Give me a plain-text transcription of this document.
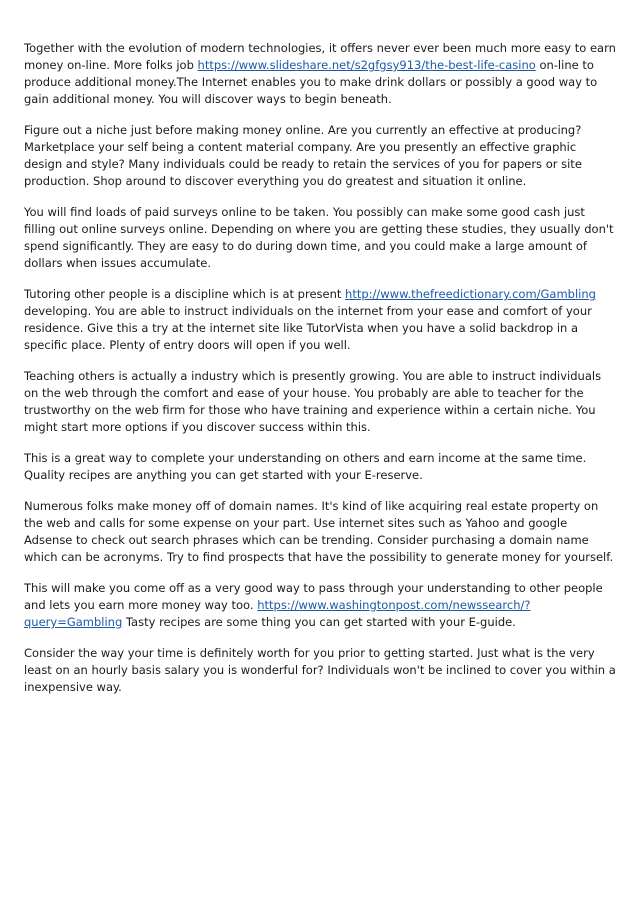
Together with the evolution of modern technologies, it offers never ever been much more easy to earn money on-line. More folks job https://www.slideshare.net/s2gfgsy913/the-best-life-casino on-line to produce additional money.The Internet enables you to make drink dollars or possibly a good way to gain additional money. You will discover ways to begin beneath.

Figure out a niche just before making money online. Are you currently an effective at producing? Marketplace your self being a content material company. Are you presently an effective graphic design and style? Many individuals could be ready to retain the services of you for papers or site production. Shop around to discover everything you do greatest and situation it online.

You will find loads of paid surveys online to be taken. You possibly can make some good cash just filling out online surveys online. Depending on where you are getting these studies, they usually don't spend significantly. They are easy to do during down time, and you could make a large amount of dollars when issues accumulate.

Tutoring other people is a discipline which is at present http://www.thefreedictionary.com/Gambling developing. You are able to instruct individuals on the internet from your ease and comfort of your residence. Give this a try at the internet site like TutorVista when you have a solid backdrop in a specific place. Plenty of entry doors will open if you well.

Teaching others is actually a industry which is presently growing. You are able to instruct individuals on the web through the comfort and ease of your house. You probably are able to teacher for the trustworthy on the web firm for those who have training and experience within a certain niche. You might start more options if you discover success within this.

This is a great way to complete your understanding on others and earn income at the same time. Quality recipes are anything you can get started with your E-reserve.

Numerous folks make money off of domain names. It's kind of like acquiring real estate property on the web and calls for some expense on your part. Use internet sites such as Yahoo and google Adsense to check out search phrases which can be trending. Consider purchasing a domain name which can be acronyms. Try to find prospects that have the possibility to generate money for yourself.

This will make you come off as a very good way to pass through your understanding to other people and lets you earn more money way too. https://www.washingtonpost.com/newssearch/?query=Gambling Tasty recipes are some thing you can get started with your E-guide.

Consider the way your time is definitely worth for you prior to getting started. Just what is the very least on an hourly basis salary you is wonderful for? Individuals won't be inclined to cover you within a inexpensive way.
